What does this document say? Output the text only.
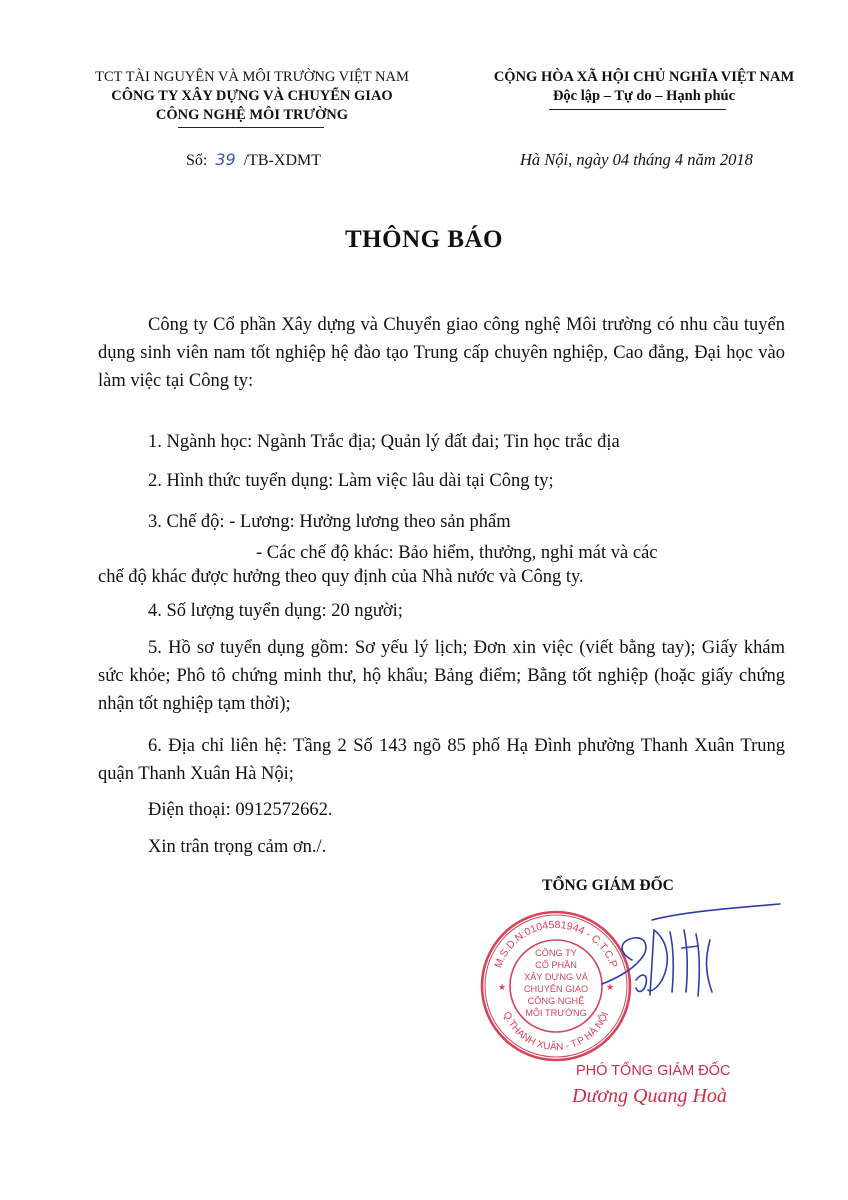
TCT TÀI NGUYÊN VÀ MÔI TRƯỜNG VIỆT NAM
CÔNG TY XÂY DỰNG VÀ CHUYỂN GIAO
CÔNG NGHỆ MÔI TRƯỜNG
CỘNG HÒA XÃ HỘI CHỦ NGHĨA VIỆT NAM
Độc lập – Tự do – Hạnh phúc
Số: 39 /TB-XDMT	Hà Nội, ngày 04 tháng 4 năm 2018
THÔNG BÁO
Công ty Cổ phần Xây dựng và Chuyển giao công nghệ Môi trường có nhu cầu tuyển dụng sinh viên nam tốt nghiệp hệ đào tạo Trung cấp chuyên nghiệp, Cao đẳng, Đại học vào làm việc tại Công ty:
1. Ngành học: Ngành Trắc địa; Quản lý đất đai; Tin học trắc địa
2. Hình thức tuyển dụng: Làm việc lâu dài tại Công ty;
3. Chế độ: - Lương: Hưởng lương theo sản phẩm
- Các chế độ khác: Bảo hiểm, thưởng, nghỉ mát và các
chế độ khác được hưởng theo quy định của Nhà nước và Công ty.
4. Số lượng tuyển dụng: 20 người;
5. Hồ sơ tuyển dụng gồm: Sơ yếu lý lịch; Đơn xin việc (viết bằng tay); Giấy khám sức khỏe; Phô tô chứng minh thư, hộ khẩu; Bảng điểm; Bằng tốt nghiệp (hoặc giấy chứng nhận tốt nghiệp tạm thời);
6. Địa chỉ liên hệ: Tầng 2 Số 143 ngõ 85 phố Hạ Đình phường Thanh Xuân Trung quận Thanh Xuân Hà Nội;
Điện thoại: 0912572662.
Xin trân trọng cảm ơn./.
TỔNG GIÁM ĐỐC
M.S.D.N:0104581944 - C.T.C.P
Q.THANH XUÂN - T.P HÀ NỘI
★	★
CÔNG TY
CỔ PHẦN
XÂY DỰNG VÀ
CHUYỂN GIAO
CÔNG NGHỆ
MÔI TRƯỜNG
PHÓ TỔNG GIÁM ĐỐC
Dương Quang Hoà
